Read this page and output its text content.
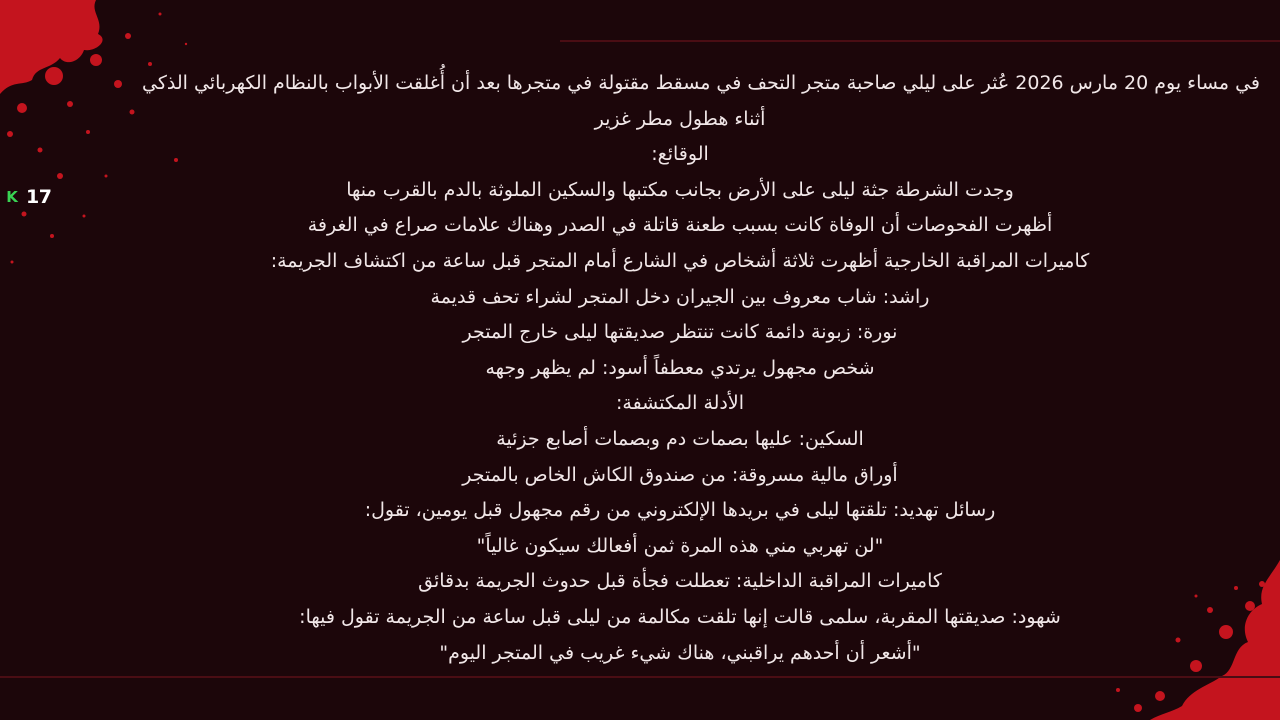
K 17
في مساء يوم 20 مارس 2026 عُثر على ليلي صاحبة متجر التحف في مسقط مقتولة في متجرها بعد أن أُغلقت الأبواب بالنظام الكهربائي الذكي
أثناء هطول مطر غزير
الوقائع:
وجدت الشرطة جثة ليلى على الأرض بجانب مكتبها والسكين الملوثة بالدم بالقرب منها
أظهرت الفحوصات أن الوفاة كانت بسبب طعنة قاتلة في الصدر وهناك علامات صراع في الغرفة
كاميرات المراقبة الخارجية أظهرت ثلاثة أشخاص في الشارع أمام المتجر قبل ساعة من اكتشاف الجريمة:
راشد: شاب معروف بين الجيران دخل المتجر لشراء تحف قديمة
نورة: زبونة دائمة كانت تنتظر صديقتها ليلى خارج المتجر
شخص مجهول يرتدي معطفاً أسود: لم يظهر وجهه
الأدلة المكتشفة:
السكين: عليها بصمات دم وبصمات أصابع جزئية
أوراق مالية مسروقة: من صندوق الكاش الخاص بالمتجر
رسائل تهديد: تلقتها ليلى في بريدها الإلكتروني من رقم مجهول قبل يومين، تقول:
"لن تهربي مني هذه المرة ثمن أفعالك سيكون غالياً"
كاميرات المراقبة الداخلية: تعطلت فجأة قبل حدوث الجريمة بدقائق
شهود: صديقتها المقربة، سلمى قالت إنها تلقت مكالمة من ليلى قبل ساعة من الجريمة تقول فيها:
"أشعر أن أحدهم يراقبني، هناك شيء غريب في المتجر اليوم"
